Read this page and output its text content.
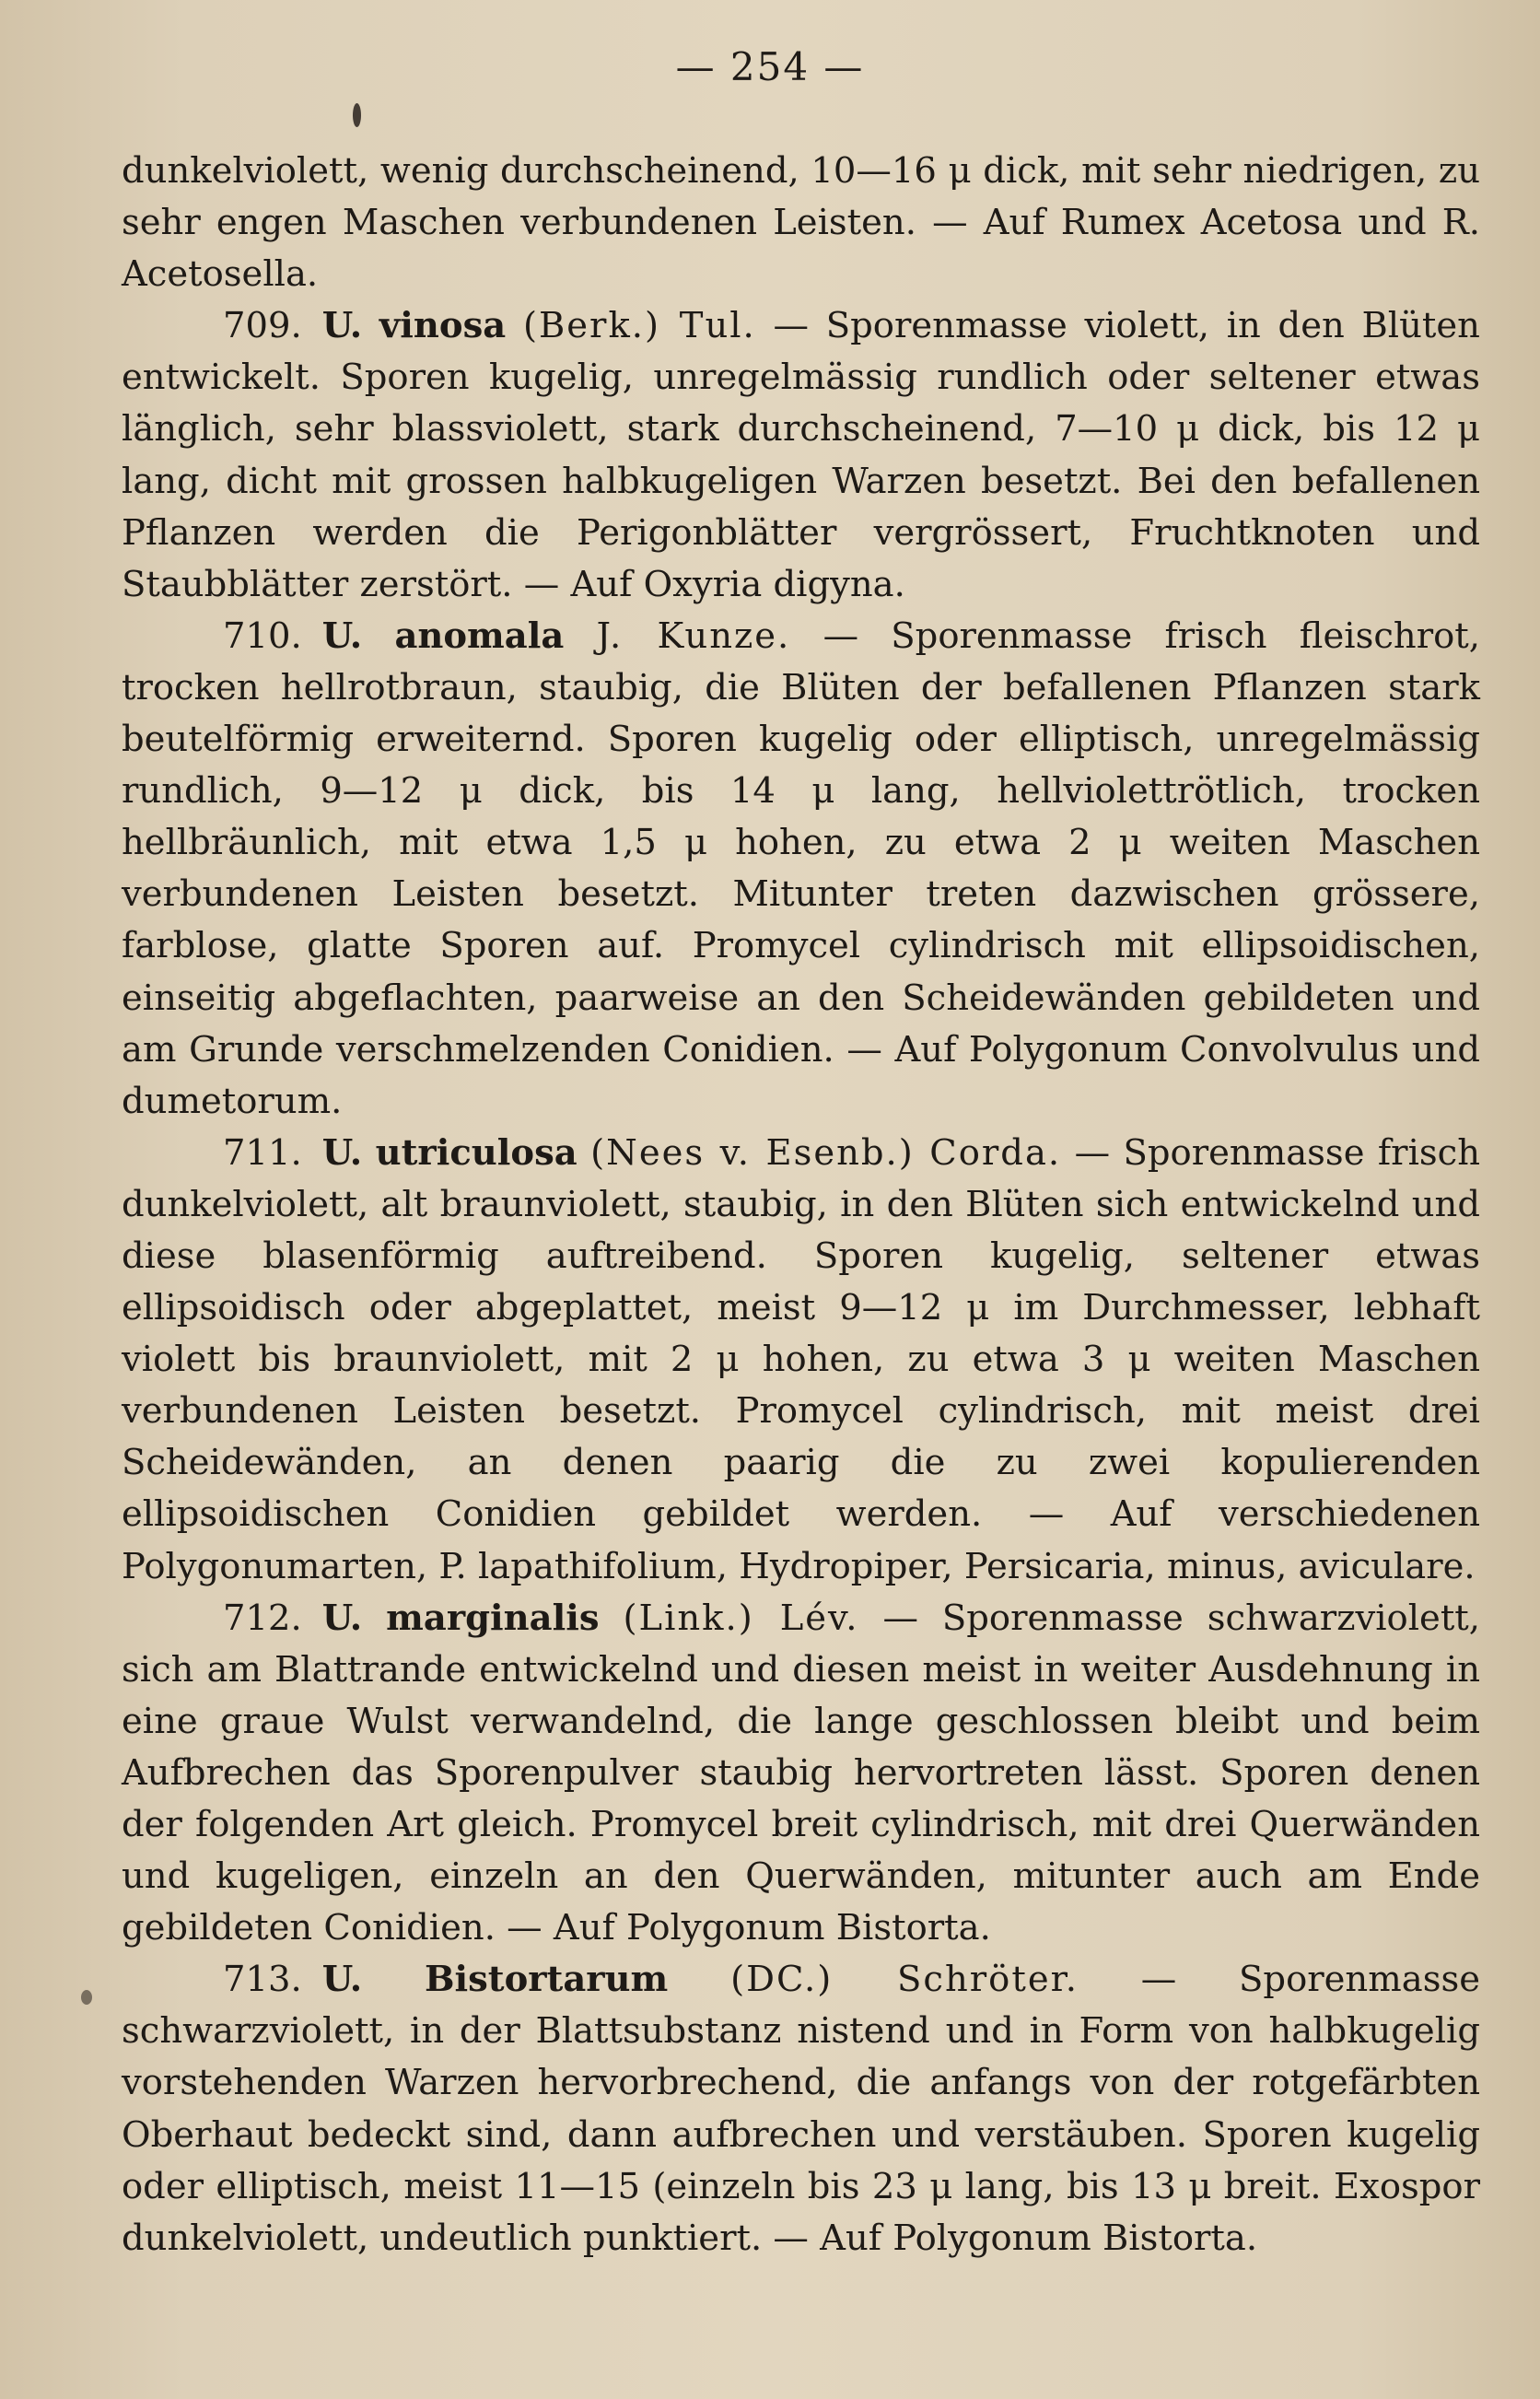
— 254 —

dunkelviolett, wenig durchscheinend, 10—16 μ dick, mit sehr niedrigen, zu sehr engen Maschen verbundenen Leisten. — Auf Rumex Acetosa und R. Acetosella.

709. U. vinosa (Berk.) Tul. — Sporenmasse violett, in den Blüten entwickelt. Sporen kugelig, unregelmässig rundlich oder seltener etwas länglich, sehr blassviolett, stark durchscheinend, 7—10 μ dick, bis 12 μ lang, dicht mit grossen halbkugeligen Warzen besetzt. Bei den befallenen Pflanzen werden die Perigonblätter vergrössert, Fruchtknoten und Staubblätter zerstört. — Auf Oxyria digyna.

710. U. anomala J. Kunze. — Sporenmasse frisch fleischrot, trocken hellrotbraun, staubig, die Blüten der befallenen Pflanzen stark beutelförmig erweiternd. Sporen kugelig oder elliptisch, unregelmässig rundlich, 9—12 μ dick, bis 14 μ lang, hellviolettrötlich, trocken hellbräunlich, mit etwa 1,5 μ hohen, zu etwa 2 μ weiten Maschen verbundenen Leisten besetzt. Mitunter treten dazwischen grössere, farblose, glatte Sporen auf. Promycel cylindrisch mit ellipsoidischen, einseitig abgeflachten, paarweise an den Scheidewänden gebildeten und am Grunde verschmelzenden Conidien. — Auf Polygonum Convolvulus und dumetorum.

711. U. utriculosa (Nees v. Esenb.) Corda. — Sporenmasse frisch dunkelviolett, alt braunviolett, staubig, in den Blüten sich entwickelnd und diese blasenförmig auftreibend. Sporen kugelig, seltener etwas ellipsoidisch oder abgeplattet, meist 9—12 μ im Durchmesser, lebhaft violett bis braunviolett, mit 2 μ hohen, zu etwa 3 μ weiten Maschen verbundenen Leisten besetzt. Promycel cylindrisch, mit meist drei Scheidewänden, an denen paarig die zu zwei kopulierenden ellipsoidischen Conidien gebildet werden. — Auf verschiedenen Polygonumarten, P. lapathifolium, Hydropiper, Persicaria, minus, aviculare.

712. U. marginalis (Link.) Lév. — Sporenmasse schwarzviolett, sich am Blattrande entwickelnd und diesen meist in weiter Ausdehnung in eine graue Wulst verwandelnd, die lange geschlossen bleibt und beim Aufbrechen das Sporenpulver staubig hervortreten lässt. Sporen denen der folgenden Art gleich. Promycel breit cylindrisch, mit drei Querwänden und kugeligen, einzeln an den Querwänden, mitunter auch am Ende gebildeten Conidien. — Auf Polygonum Bistorta.

713. U. Bistortarum (DC.) Schröter. — Sporenmasse schwarzviolett, in der Blattsubstanz nistend und in Form von halbkugelig vorstehenden Warzen hervorbrechend, die anfangs von der rotgefärbten Oberhaut bedeckt sind, dann aufbrechen und verstäuben. Sporen kugelig oder elliptisch, meist 11—15 (einzeln bis 23 μ lang, bis 13 μ breit. Exospor dunkelviolett, undeutlich punktiert. — Auf Polygonum Bistorta.
